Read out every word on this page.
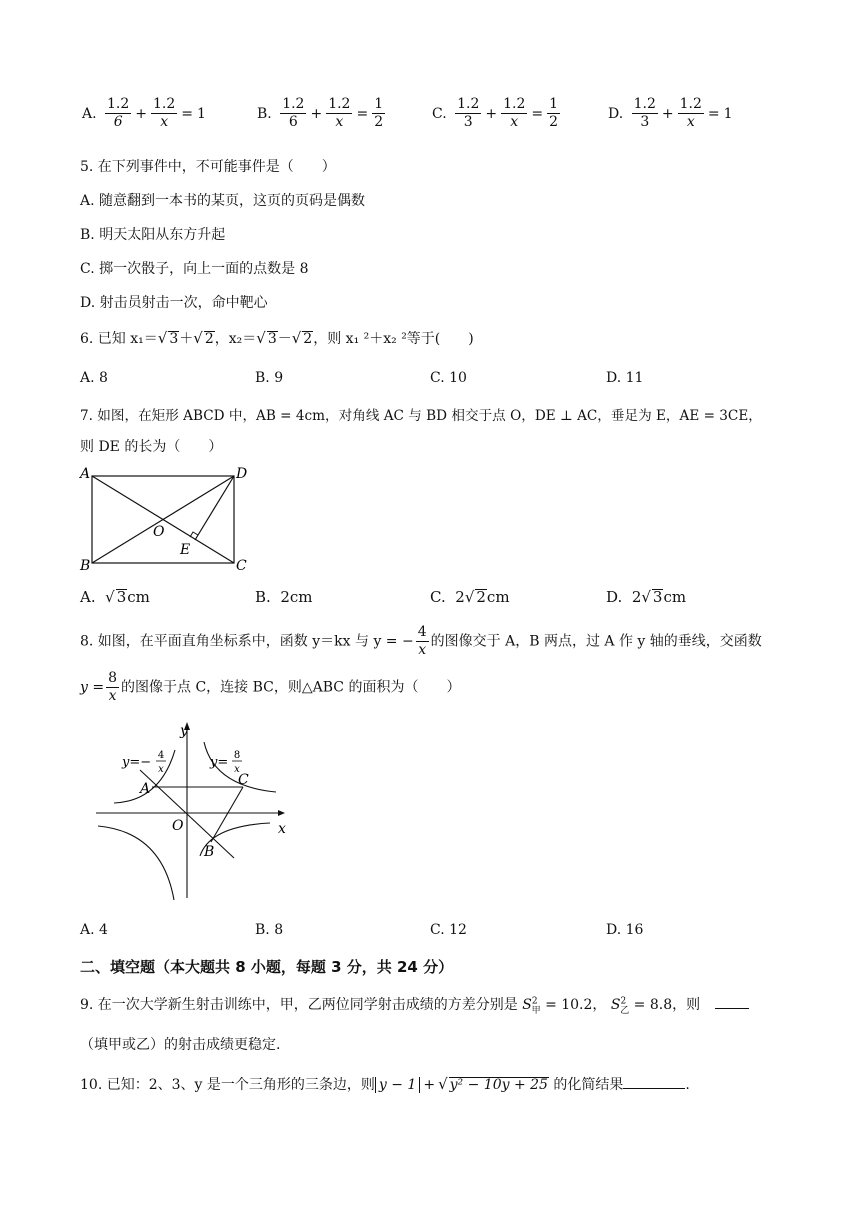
A. $\frac{1.2}{6} + \frac{1.2}{x} = 1$	B. $\frac{1.2}{6} + \frac{1.2}{x} = \frac{1}{2}$	C. $\frac{1.2}{3} + \frac{1.2}{x} = \frac{1}{2}$	D. $\frac{1.2}{3} + \frac{1.2}{x} = 1$
5. 在下列事件中，不可能事件是（　　）
A. 随意翻到一本书的某页，这页的页码是偶数
B. 明天太阳从东方升起
C. 掷一次骰子，向上一面的点数是 8
D. 射击员射击一次，命中靶心
6. 已知 x₁＝√ 3＋√ 2，x₂＝√ 3－√ 2，则 x₁ ²＋x₂ ²等于(　　)
A. 8	B. 9	C. 10	D. 11
7. 如图，在矩形 ABCD 中，AB = 4cm，对角线 AC 与 BD 相交于点 O，DE ⊥ AC，垂足为 E，AE = 3CE，
则 DE 的长为（　　）
A
B	C
D
O
E
A. √ 3cm	B. 2cm	C. 2√ 2cm	D. 2√ 3cm
8. 如图，在平面直角坐标系中，函数 y＝kx 与 y = − $\frac{4}{x}$ 的图像交于 A，B 两点，过 A 作 y 轴的垂线，交函数
$y = \frac{8}{x}$ 的图像于点 C，连接 BC，则△ABC 的面积为（　　）
y
x
O
A
C
B
y=− 4
x	y= 8
x
A. 4	B. 8	C. 12	D. 16
二、填空题（本大题共 8 小题，每题 3 分，共 24 分）
9. 在一次大学新生射击训练中，甲，乙两位同学射击成绩的方差分别是 $S^2_甲 = 10.2$， $S^2_乙 = 8.8$，则
（填甲或乙）的射击成绩更稳定.
10. 已知：2、3、y 是一个三角形的三条边，则 y − 1 + √ y² − 10y + 25 的化简结果	.
